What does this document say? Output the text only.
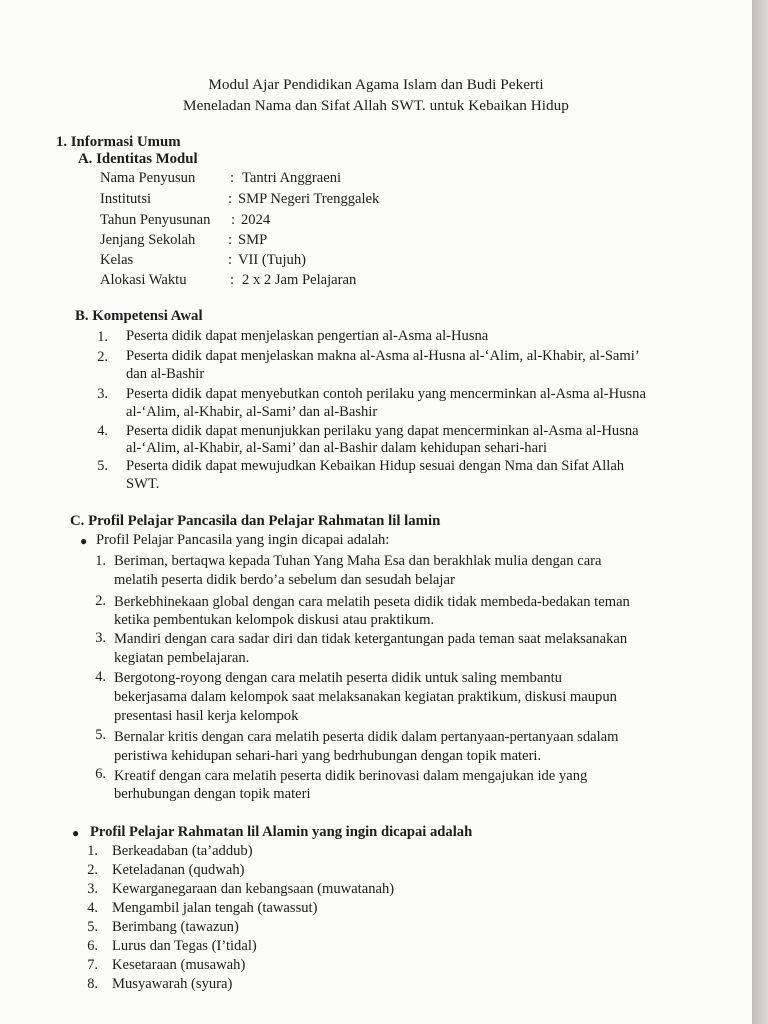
Modul Ajar Pendidikan Agama Islam dan Budi Pekerti
Meneladan Nama dan Sifat Allah SWT. untuk Kebaikan Hidup
1. Informasi Umum
A. Identitas Modul
Nama Penyusun : Tantri Anggraeni
Institutsi	: SMP Negeri Trenggalek
Tahun Penyusunan : 2024
Jenjang Sekolah : SMP
Kelas	: VII (Tujuh)
Alokasi Waktu	: 2 x 2 Jam Pelajaran
B. Kompetensi Awal
1. Peserta didik dapat menjelaskan pengertian al-Asma al-Husna
2. Peserta didik dapat menjelaskan makna al-Asma al-Husna al-‘Alim, al-Khabir, al-Sami’
dan al-Bashir
3. Peserta didik dapat menyebutkan contoh perilaku yang mencerminkan al-Asma al-Husna
al-‘Alim, al-Khabir, al-Sami’ dan al-Bashir
4. Peserta didik dapat menunjukkan perilaku yang dapat mencerminkan al-Asma al-Husna
al-‘Alim, al-Khabir, al-Sami’ dan al-Bashir dalam kehidupan sehari-hari
5. Peserta didik dapat mewujudkan Kebaikan Hidup sesuai dengan Nma dan Sifat Allah
SWT.
C. Profil Pelajar Pancasila dan Pelajar Rahmatan lil lamin
● Profil Pelajar Pancasila yang ingin dicapai adalah:
1. Beriman, bertaqwa kepada Tuhan Yang Maha Esa dan berakhlak mulia dengan cara
melatih peserta didik berdo’a sebelum dan sesudah belajar
2. Berkebhinekaan global dengan cara melatih peseta didik tidak membeda-bedakan teman
ketika pembentukan kelompok diskusi atau praktikum.
3. Mandiri dengan cara sadar diri dan tidak ketergantungan pada teman saat melaksanakan
kegiatan pembelajaran.
4. Bergotong-royong dengan cara melatih peserta didik untuk saling membantu
bekerjasama dalam kelompok saat melaksanakan kegiatan praktikum, diskusi maupun
presentasi hasil kerja kelompok
5. Bernalar kritis dengan cara melatih peserta didik dalam pertanyaan-pertanyaan sdalam
peristiwa kehidupan sehari-hari yang bedrhubungan dengan topik materi.
6. Kreatif dengan cara melatih peserta didik berinovasi dalam mengajukan ide yang
berhubungan dengan topik materi
● Profil Pelajar Rahmatan lil Alamin yang ingin dicapai adalah
1. Berkeadaban (ta’addub)
2. Keteladanan (qudwah)
3. Kewarganegaraan dan kebangsaan (muwatanah)
4. Mengambil jalan tengah (tawassut)
5. Berimbang (tawazun)
6. Lurus dan Tegas (I’tidal)
7. Kesetaraan (musawah)
8. Musyawarah (syura)
